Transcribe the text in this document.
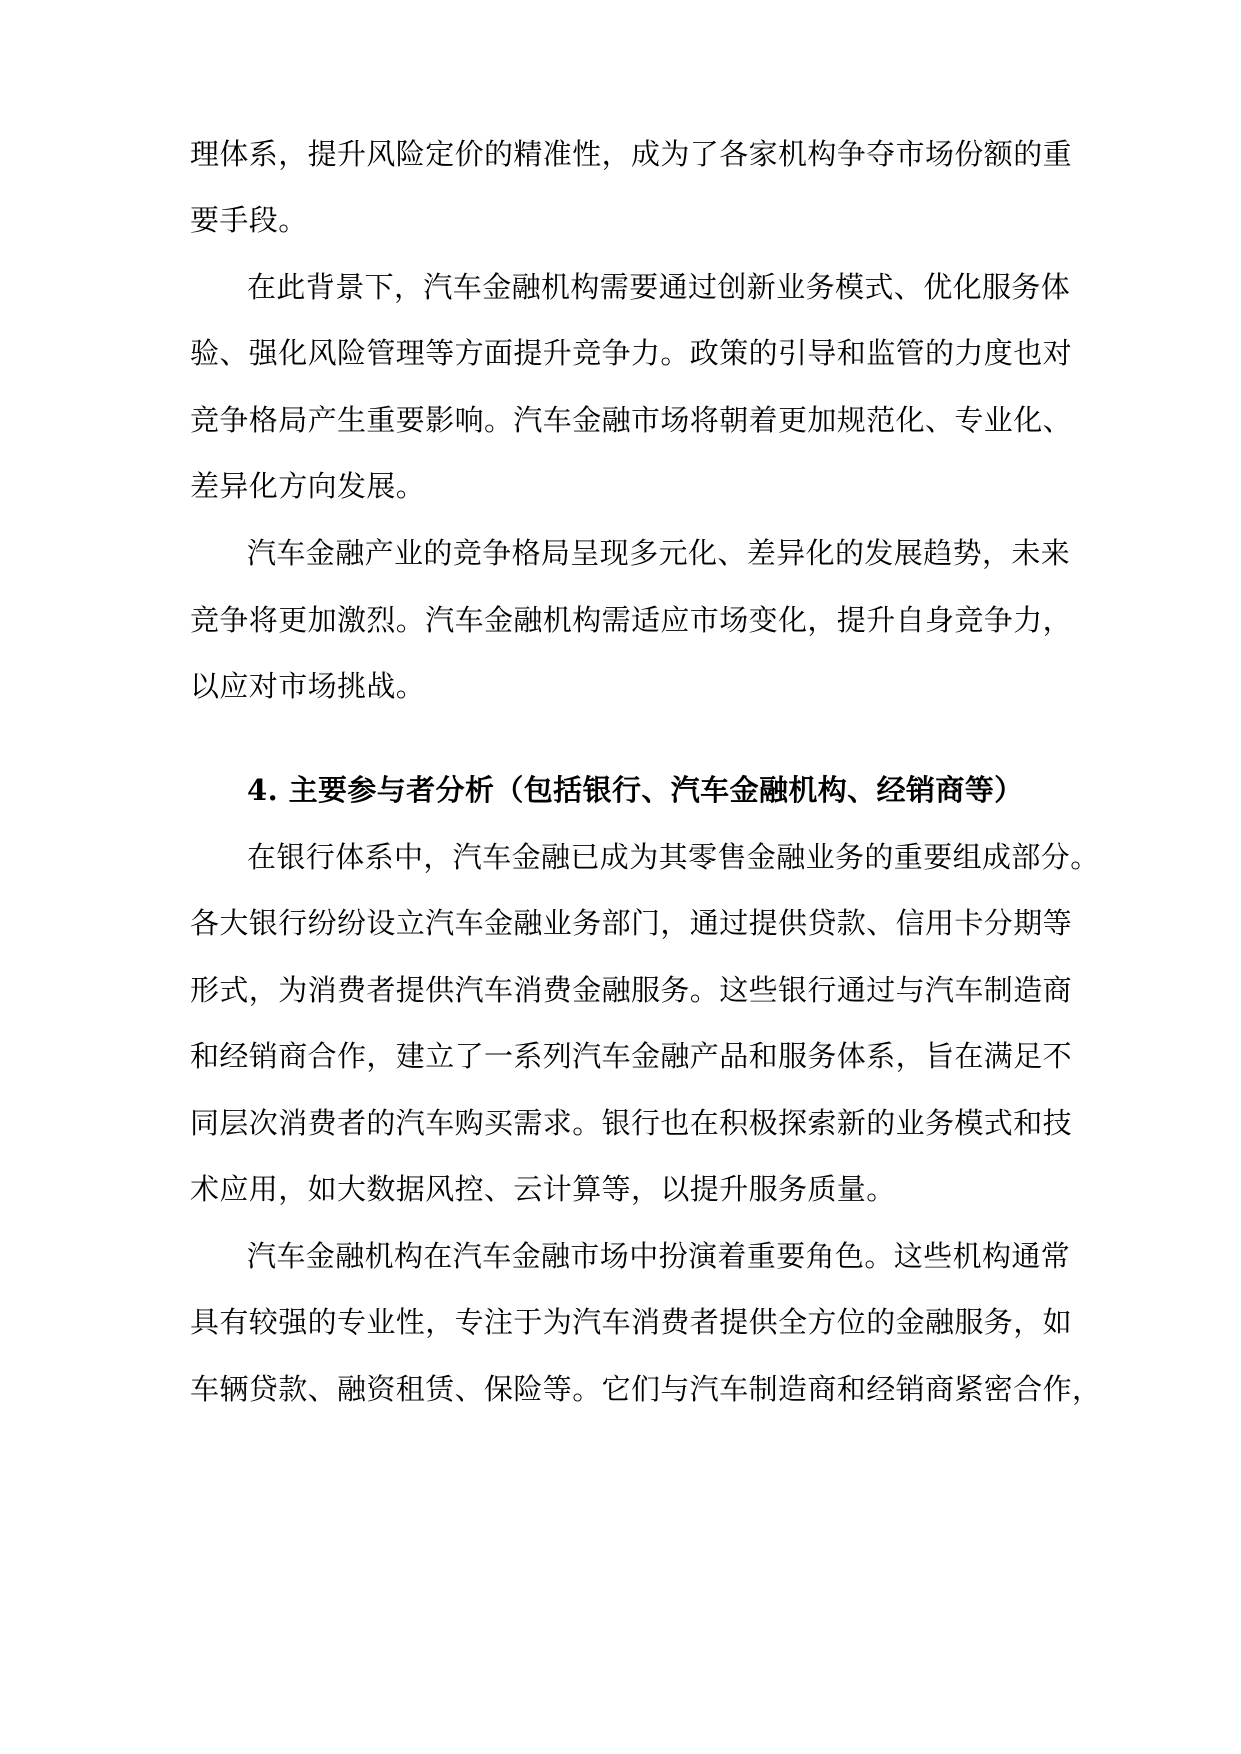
理体系，提升风险定价的精准性，成为了各家机构争夺市场份额的重
要手段。
在此背景下，汽车金融机构需要通过创新业务模式、优化服务体
验、强化风险管理等方面提升竞争力。政策的引导和监管的力度也对
竞争格局产生重要影响。汽车金融市场将朝着更加规范化、专业化、
差异化方向发展。
汽车金融产业的竞争格局呈现多元化、差异化的发展趋势，未来
竞争将更加激烈。汽车金融机构需适应市场变化，提升自身竞争力，
以应对市场挑战。
4. 主要参与者分析（包括银行、汽车金融机构、经销商等）
在银行体系中，汽车金融已成为其零售金融业务的重要组成部分。
各大银行纷纷设立汽车金融业务部门，通过提供贷款、信用卡分期等
形式，为消费者提供汽车消费金融服务。这些银行通过与汽车制造商
和经销商合作，建立了一系列汽车金融产品和服务体系，旨在满足不
同层次消费者的汽车购买需求。银行也在积极探索新的业务模式和技
术应用，如大数据风控、云计算等，以提升服务质量。
汽车金融机构在汽车金融市场中扮演着重要角色。这些机构通常
具有较强的专业性，专注于为汽车消费者提供全方位的金融服务，如
车辆贷款、融资租赁、保险等。它们与汽车制造商和经销商紧密合作，
